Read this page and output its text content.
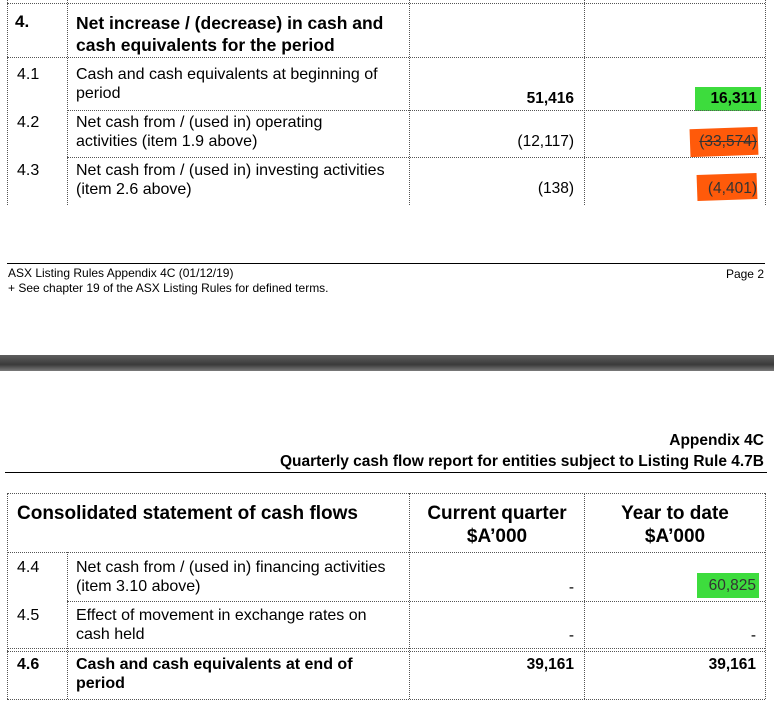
4.	Net increase / (decrease) in cash and
cash equivalents for the period
4.1 Cash and cash equivalents at beginning of
period	51,416	16,311
4.2 Net cash from / (used in) operating
activities (item 1.9 above)	(12,117)	(33,574)
4.3 Net cash from / (used in) investing activities
(item 2.6 above)	(138)	(4,401)
ASX Listing Rules Appendix 4C (01/12/19)
+ See chapter 19 of the ASX Listing Rules for defined terms.
Page 2
Appendix 4C
Quarterly cash flow report for entities subject to Listing Rule 4.7B
Consolidated statement of cash flows	Current quarter
$A’000
Year to date
$A’000
4.4 Net cash from / (used in) financing activities
(item 3.10 above)	-	60,825
4.5 Effect of movement in exchange rates on
cash held	-	-
4.6 Cash and cash equivalents at end of
period
39,161	39,161
